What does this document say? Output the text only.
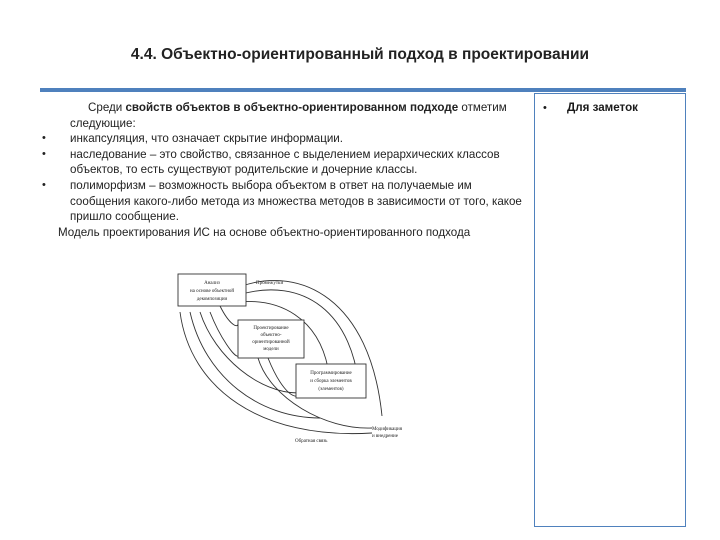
4.4. Объектно-ориентированный подход в проектировании

Среди свойств объектов в объектно-ориентированном подходе отметим следующие:

• инкапсуляция, что означает скрытие информации.

• наследование – это свойство, связанное с выделением иерархических классов объектов, то есть существуют родительские и дочерние классы.

• полиморфизм – возможность выбора объектом в ответ на получаемые им сообщения какого-либо метода из множества методов в зависимости от того, какое пришло сообщение.

Модель проектирования ИС на основе объектно-ориентированного подхода

Анализ
на основе объектной
декомпозиции
Проектирование
объектно-
ориентированной
модели
Программирование
и сборка элементов
(элементов)
Промежутки
Обратная связь
Модификация
и внедрение
• Для заметок
